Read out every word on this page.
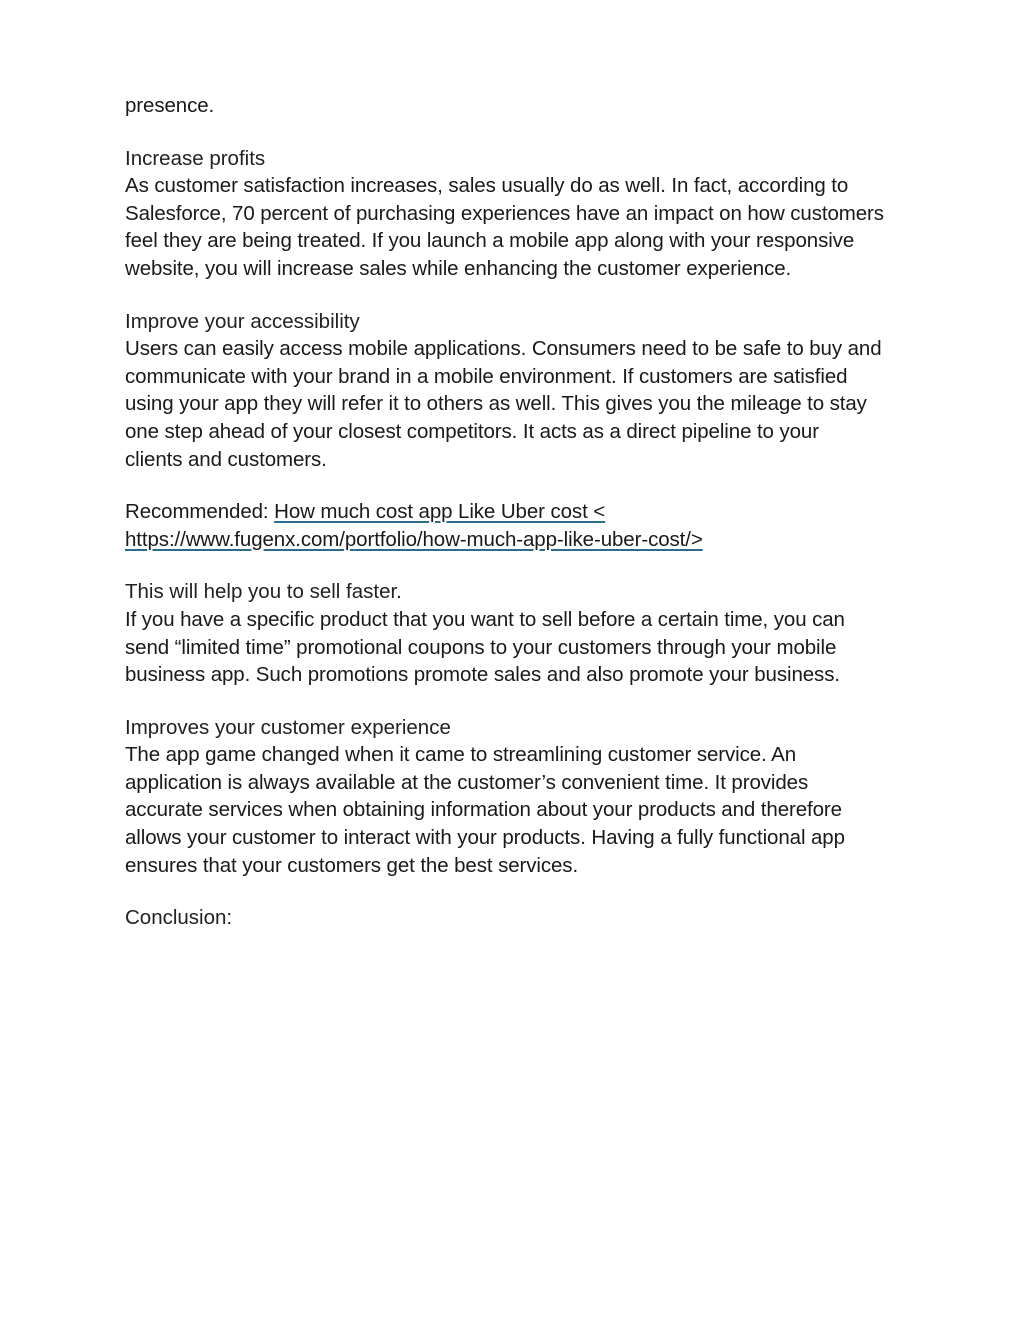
presence.
Increase profits
As customer satisfaction increases, sales usually do as well. In fact, according to
Salesforce, 70 percent of purchasing experiences have an impact on how customers
feel they are being treated. If you launch a mobile app along with your responsive
website, you will increase sales while enhancing the customer experience.
Improve your accessibility
Users can easily access mobile applications. Consumers need to be safe to buy and
communicate with your brand in a mobile environment. If customers are satisfied
using your app they will refer it to others as well. This gives you the mileage to stay
one step ahead of your closest competitors. It acts as a direct pipeline to your
clients and customers.
Recommended: How much cost app Like Uber cost <
https://www.fugenx.com/portfolio/how-much-app-like-uber-cost/>
This will help you to sell faster.
If you have a specific product that you want to sell before a certain time, you can
send “limited time” promotional coupons to your customers through your mobile
business app. Such promotions promote sales and also promote your business.
Improves your customer experience
The app game changed when it came to streamlining customer service. An
application is always available at the customer’s convenient time. It provides
accurate services when obtaining information about your products and therefore
allows your customer to interact with your products. Having a fully functional app
ensures that your customers get the best services.
Conclusion:
